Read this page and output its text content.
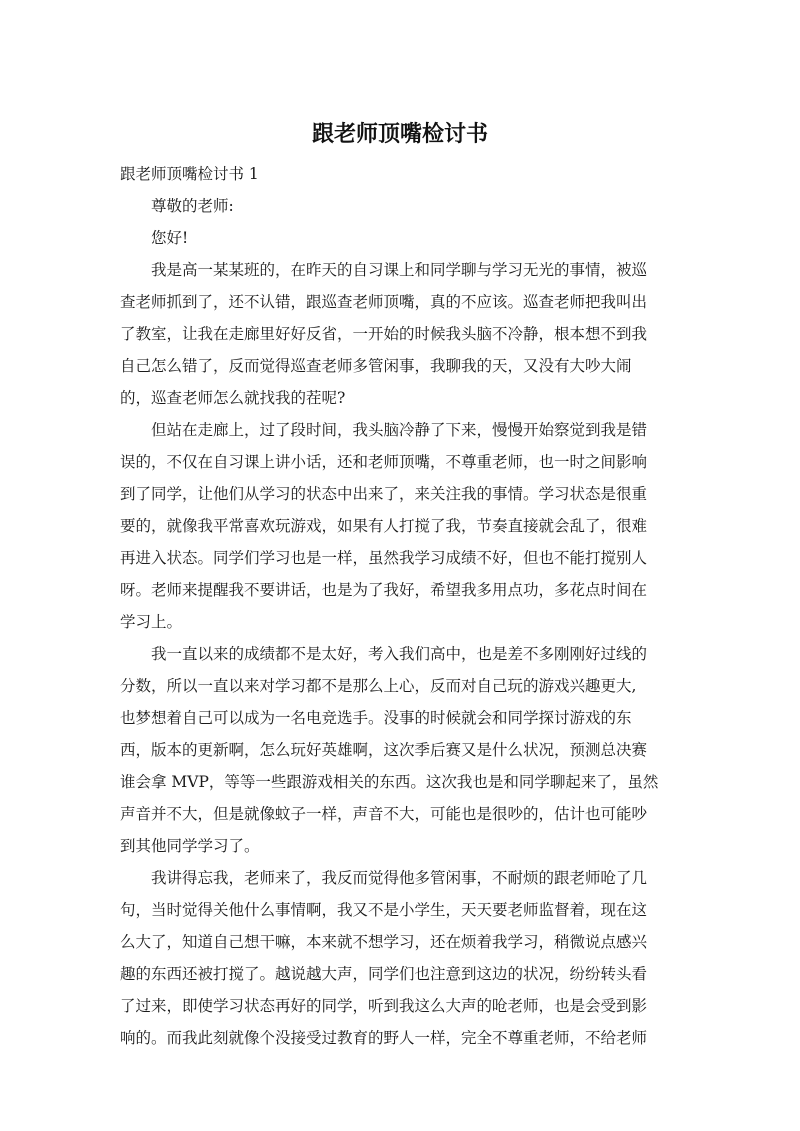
跟老师顶嘴检讨书
跟老师顶嘴检讨书 1
尊敬的老师:
您好!
我是高一某某班的，在昨天的自习课上和同学聊与学习无光的事情，被巡
查老师抓到了，还不认错，跟巡查老师顶嘴，真的不应该。巡查老师把我叫出
了教室，让我在走廊里好好反省，一开始的时候我头脑不冷静，根本想不到我
自己怎么错了，反而觉得巡查老师多管闲事，我聊我的天，又没有大吵大闹
的，巡查老师怎么就找我的茬呢?
但站在走廊上，过了段时间，我头脑冷静了下来，慢慢开始察觉到我是错
误的，不仅在自习课上讲小话，还和老师顶嘴，不尊重老师，也一时之间影响
到了同学，让他们从学习的状态中出来了，来关注我的事情。学习状态是很重
要的，就像我平常喜欢玩游戏，如果有人打搅了我，节奏直接就会乱了，很难
再进入状态。同学们学习也是一样，虽然我学习成绩不好，但也不能打搅别人
呀。老师来提醒我不要讲话，也是为了我好，希望我多用点功，多花点时间在
学习上。
我一直以来的成绩都不是太好，考入我们高中，也是差不多刚刚好过线的
分数，所以一直以来对学习都不是那么上心，反而对自己玩的游戏兴趣更大,
也梦想着自己可以成为一名电竞选手。没事的时候就会和同学探讨游戏的东
西，版本的更新啊，怎么玩好英雄啊，这次季后赛又是什么状况，预测总决赛
谁会拿 MVP，等等一些跟游戏相关的东西。这次我也是和同学聊起来了，虽然
声音并不大，但是就像蚊子一样，声音不大，可能也是很吵的，估计也可能吵
到其他同学学习了。
我讲得忘我，老师来了，我反而觉得他多管闲事，不耐烦的跟老师呛了几
句，当时觉得关他什么事情啊，我又不是小学生，天天要老师监督着，现在这
么大了，知道自己想干嘛，本来就不想学习，还在烦着我学习，稍微说点感兴
趣的东西还被打搅了。越说越大声，同学们也注意到这边的状况，纷纷转头看
了过来，即使学习状态再好的同学，听到我这么大声的呛老师，也是会受到影
响的。而我此刻就像个没接受过教育的野人一样，完全不尊重老师，不给老师
